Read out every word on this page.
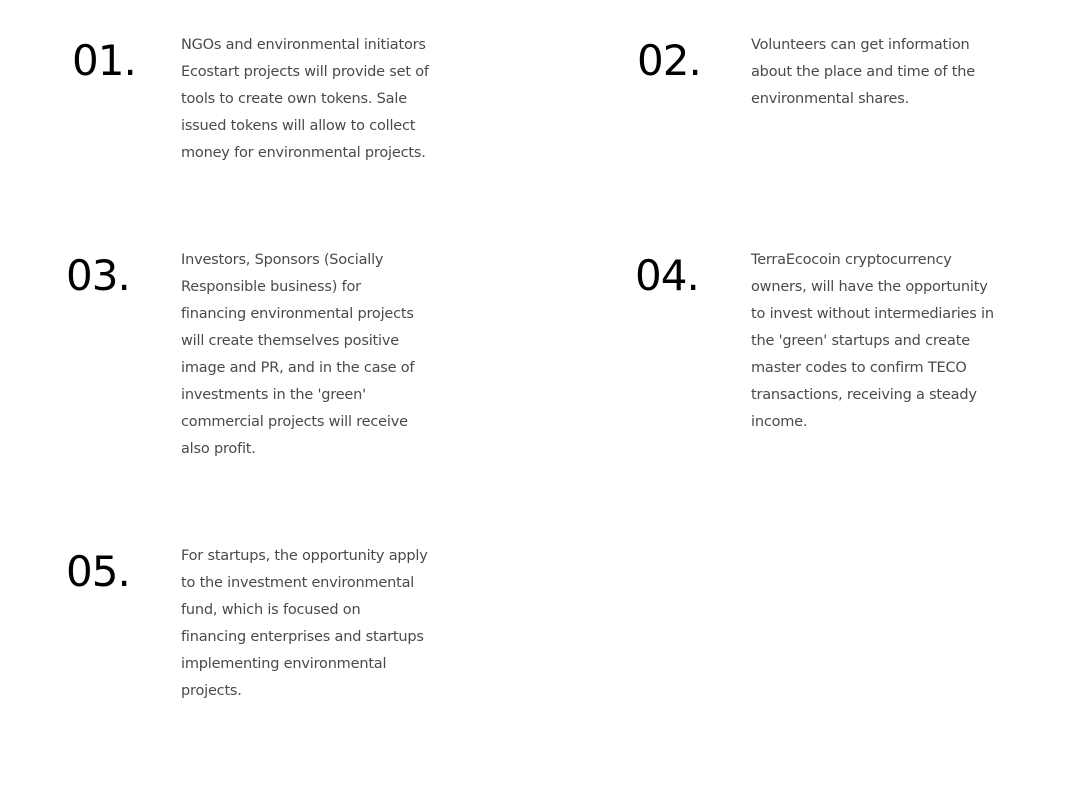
01.	NGOs and environmental initiators
Ecostart projects will provide set of
tools to create own tokens. Sale
issued tokens will allow to collect
money for environmental projects.
02.	Volunteers can get information
about the place and time of the
environmental shares.
03.	Investors, Sponsors (Socially
Responsible business) for
financing environmental projects
will create themselves positive
image and PR, and in the case of
investments in the 'green'
commercial projects will receive
also profit.
04.	TerraEcocoin cryptocurrency
owners, will have the opportunity
to invest without intermediaries in
the 'green' startups and create
master codes to confirm TECO
transactions, receiving a steady
income.
05.	For startups, the opportunity apply
to the investment environmental
fund, which is focused on
financing enterprises and startups
implementing environmental
projects.
